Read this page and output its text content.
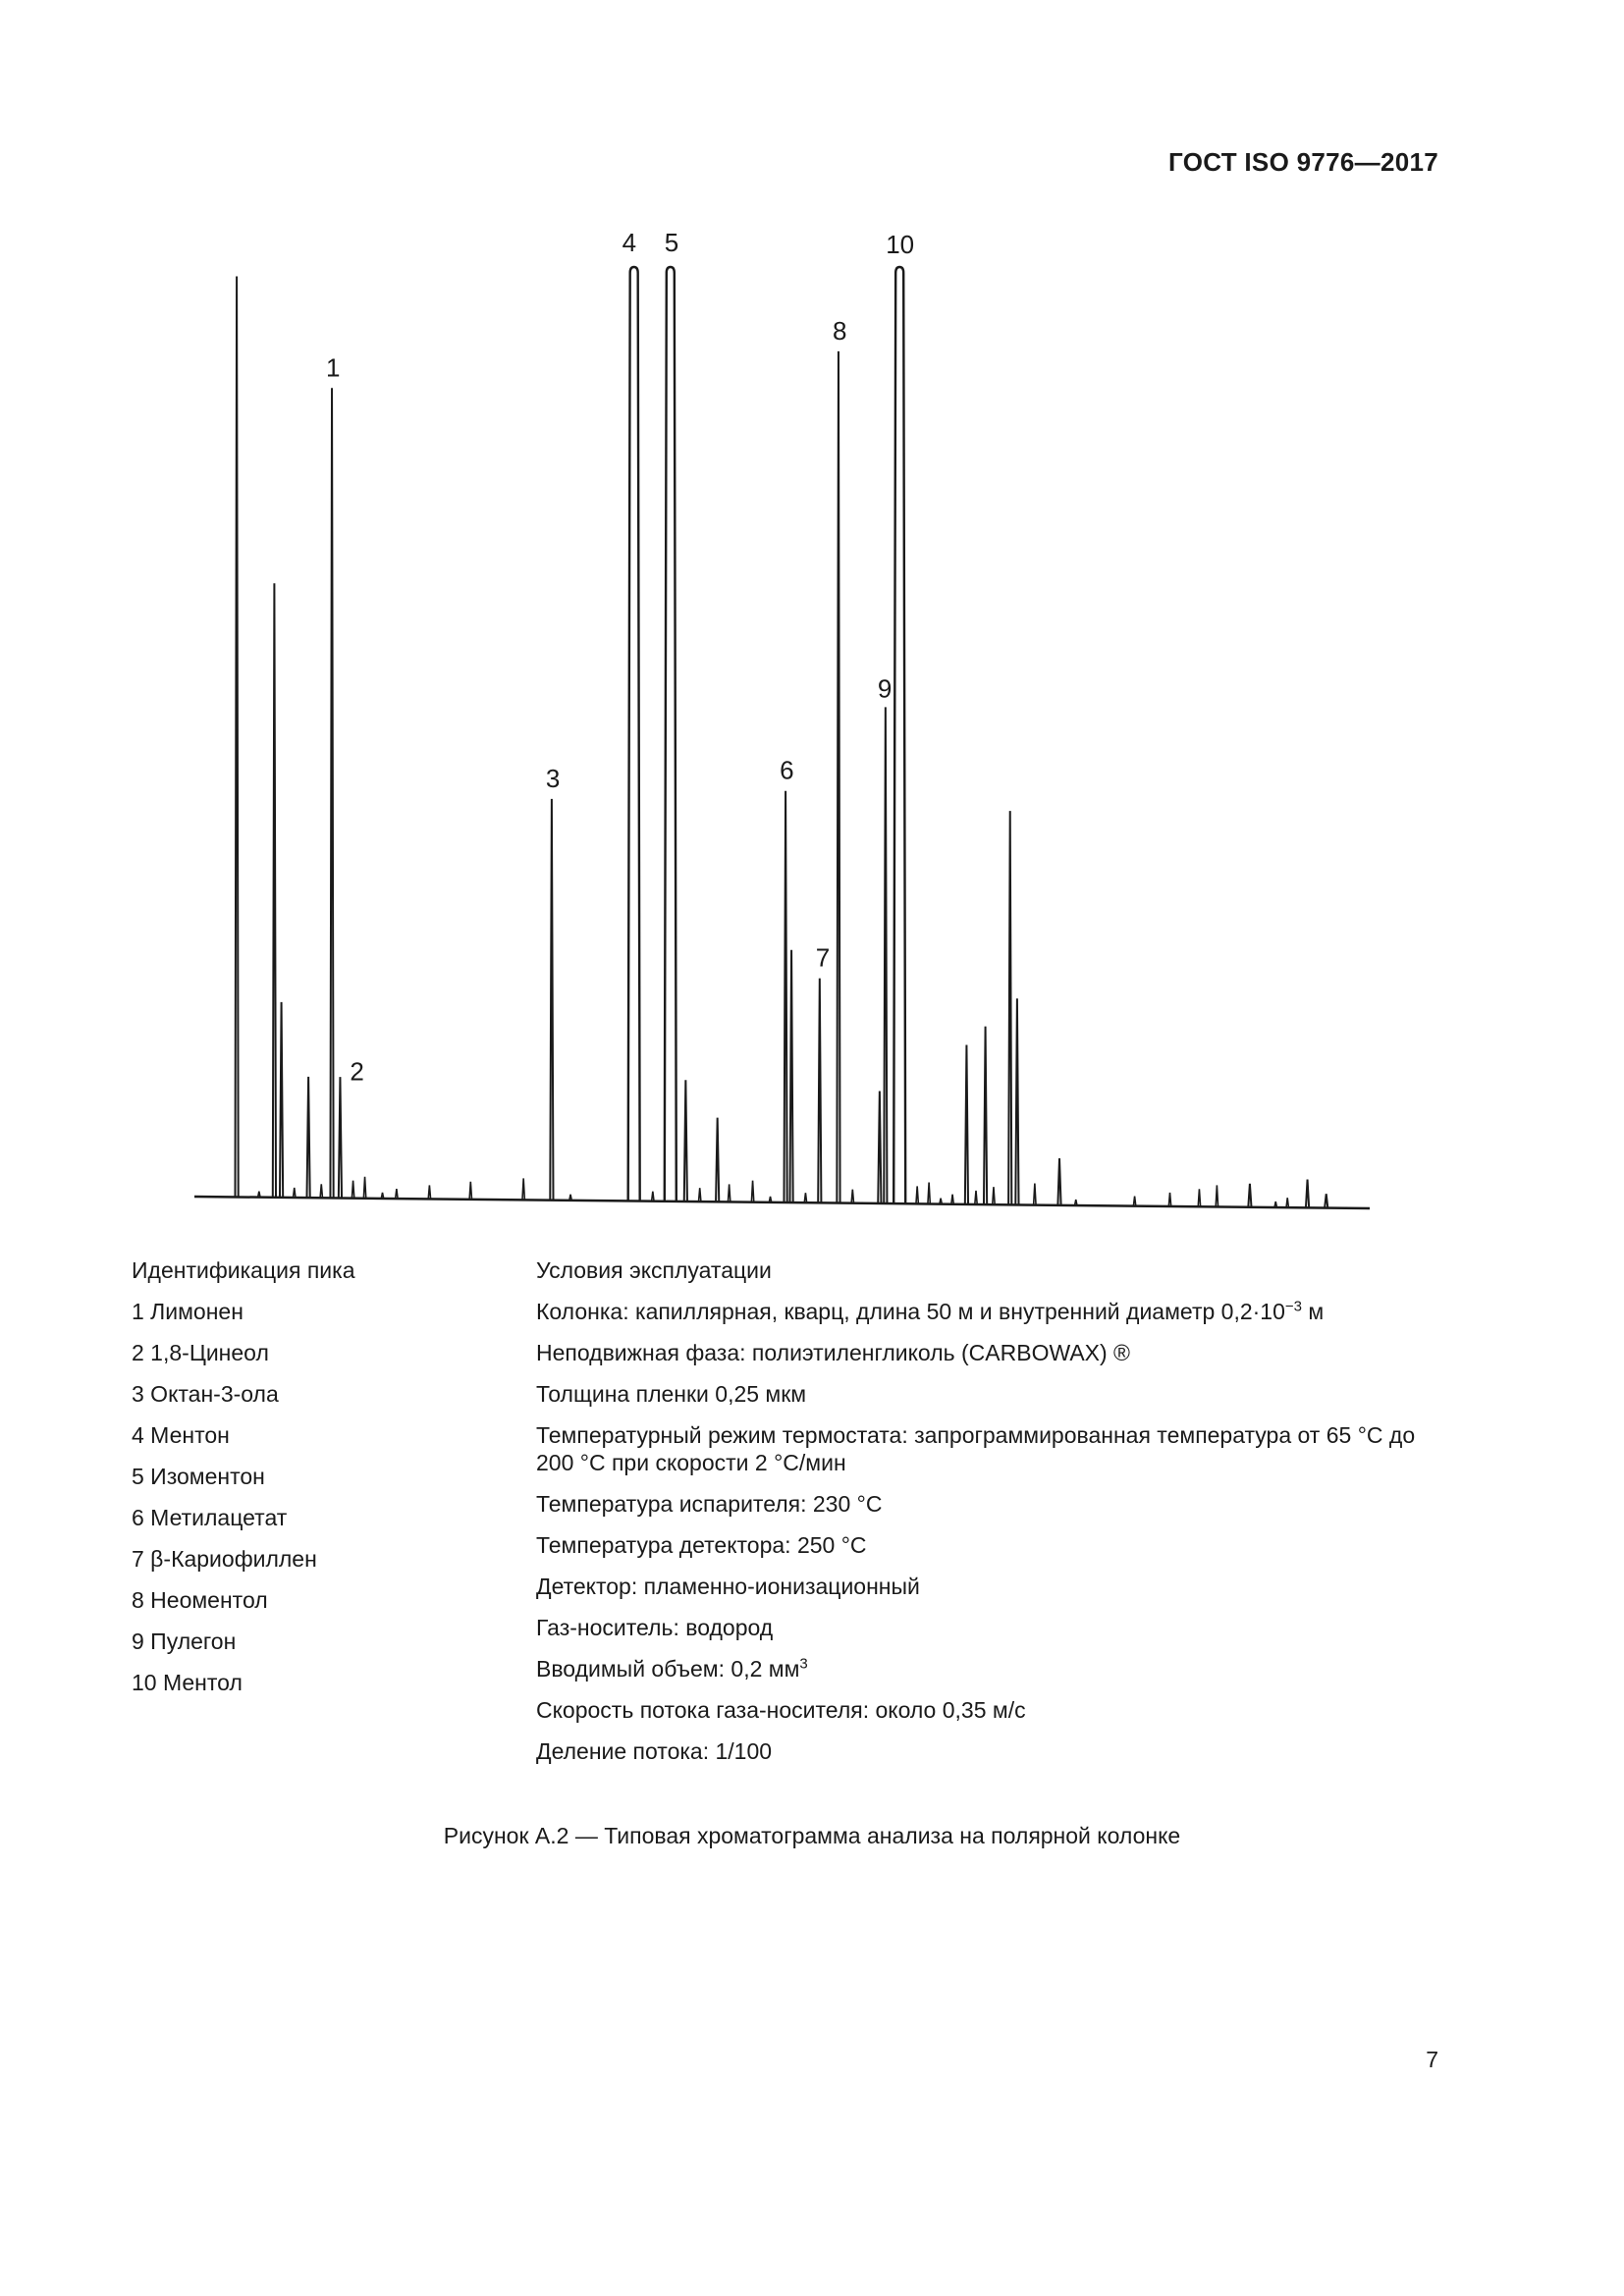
ГОСТ ISO 9776—2017
1
2
3
4 5
6
7
8
9
10

Идентификация пика

1 Лимонен

2 1,8-Цинеол

3 Октан-3-ола

4 Ментон

5 Изоментон

6 Метилацетат

7 β-Кариофиллен

8 Неоментол

9 Пулегон

10 Ментол

Условия эксплуатации

Колонка: капиллярная, кварц, длина 50 м и внутренний диаметр $0,2\cdot 10^{-3}$ м

Неподвижная фаза: полиэтиленгликоль (CARBOWAX) ®

Толщина пленки 0,25 мкм

Температурный режим термостата: запрограммированная температура от 65 °С до 200 °С при скорости 2 °С/мин

Температура испарителя: 230 °С

Температура детектора: 250 °С

Детектор: пламенно-ионизационный

Газ-носитель: водород

Вводимый объем: 0,2 $мм^3$

Скорость потока газа-носителя: около 0,35 м/с

Деление потока: 1/100

Рисунок А.2 — Типовая хроматограмма анализа на полярной колонке
7
